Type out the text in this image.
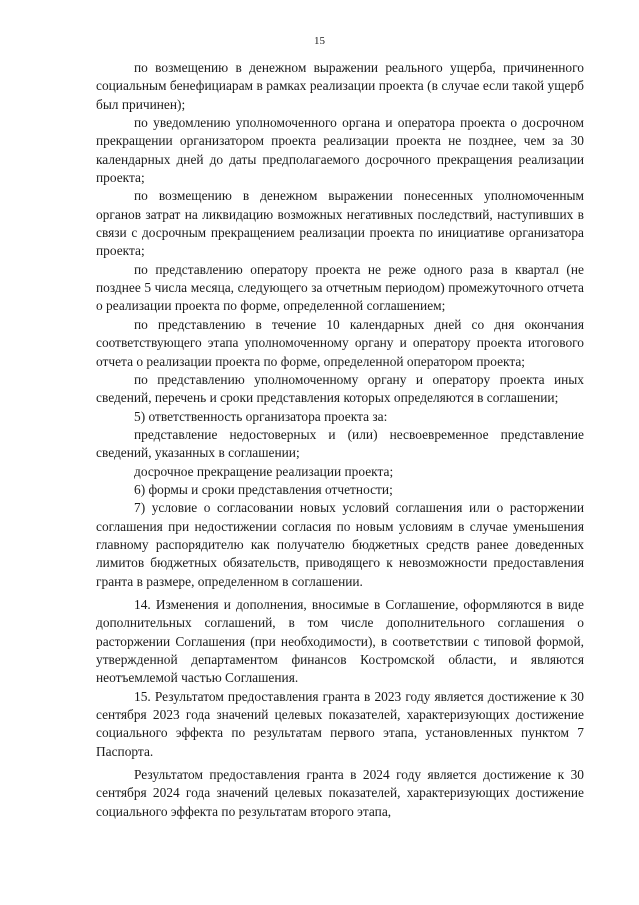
15

по возмещению в денежном выражении реального ущерба, причиненного социальным бенефициарам в рамках реализации проекта (в случае если такой ущерб был причинен);

по уведомлению уполномоченного органа и оператора проекта о досрочном прекращении организатором проекта реализации проекта не позднее, чем за 30 календарных дней до даты предполагаемого досрочного прекращения реализации проекта;

по возмещению в денежном выражении понесенных уполномоченным органов затрат на ликвидацию возможных негативных последствий, наступивших в связи с досрочным прекращением реализации проекта по инициативе организатора проекта;

по представлению оператору проекта не реже одного раза в квартал (не позднее 5 числа месяца, следующего за отчетным периодом) промежуточного отчета о реализации проекта по форме, определенной соглашением;

по представлению в течение 10 календарных дней со дня окончания соответствующего этапа уполномоченному органу и оператору проекта итогового отчета о реализации проекта по форме, определенной оператором проекта;

по представлению уполномоченному органу и оператору проекта иных сведений, перечень и сроки представления которых определяются в соглашении;

5) ответственность организатора проекта за:

представление недостоверных и (или) несвоевременное представление сведений, указанных в соглашении;

досрочное прекращение реализации проекта;

6) формы и сроки представления отчетности;

7) условие о согласовании новых условий соглашения или о расторжении соглашения при недостижении согласия по новым условиям в случае уменьшения главному распорядителю как получателю бюджетных средств ранее доведенных лимитов бюджетных обязательств, приводящего к невозможности предоставления гранта в размере, определенном в соглашении.

14. Изменения и дополнения, вносимые в Соглашение, оформляются в виде дополнительных соглашений, в том числе дополнительного соглашения о расторжении Соглашения (при необходимости), в соответствии с типовой формой, утвержденной департаментом финансов Костромской области, и являются неотъемлемой частью Соглашения.

15. Результатом предоставления гранта в 2023 году является достижение к 30 сентября 2023 года значений целевых показателей, характеризующих достижение социального эффекта по результатам первого этапа, установленных пунктом 7 Паспорта.

Результатом предоставления гранта в 2024 году является достижение к 30 сентября 2024 года значений целевых показателей, характеризующих достижение социального эффекта по результатам второго этапа,
